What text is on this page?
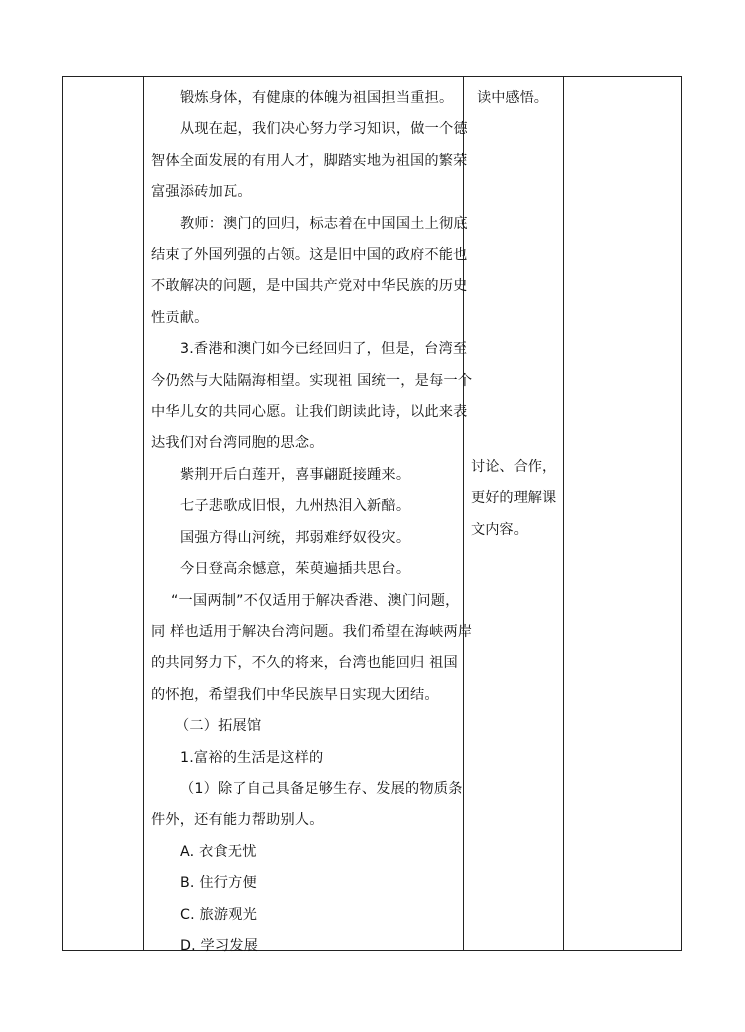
锻炼身体，有健康的体魄为祖国担当重担。
从现在起，我们决心努力学习知识，做一个德
智体全面发展的有用人才，脚踏实地为祖国的繁荣
富强添砖加瓦。
教师：澳门的回归，标志着在中国国土上彻底
结束了外国列强的占领。这是旧中国的政府不能也
不敢解决的问题，是中国共产党对中华民族的历史
性贡献。
3.香港和澳门如今已经回归了，但是，台湾至
今仍然与大陆隔海相望。实现祖 国统一，是每一个
中华儿女的共同心愿。让我们朗读此诗，以此来表
达我们对台湾同胞的思念。
紫荆开后白莲开，喜事翩跹接踵来。
七子悲歌成旧恨，九州热泪入新醅。
国强方得山河统，邦弱难纾奴役灾。
今日登高余憾意，茱萸遍插共思台。
“一国两制”不仅适用于解决香港、澳门问题，
同 样也适用于解决台湾问题。我们希望在海峡两岸
的共同努力下，不久的将来，台湾也能回归 祖国
的怀抱，希望我们中华民族早日实现大团结。
（二）拓展馆
1.富裕的生活是这样的
（1）除了自己具备足够生存、发展的物质条
件外，还有能力帮助别人。
A. 衣食无忧
B. 住行方便
C. 旅游观光
D. 学习发展
读中感悟。
讨论、合作，
更好的理解课
文内容。
